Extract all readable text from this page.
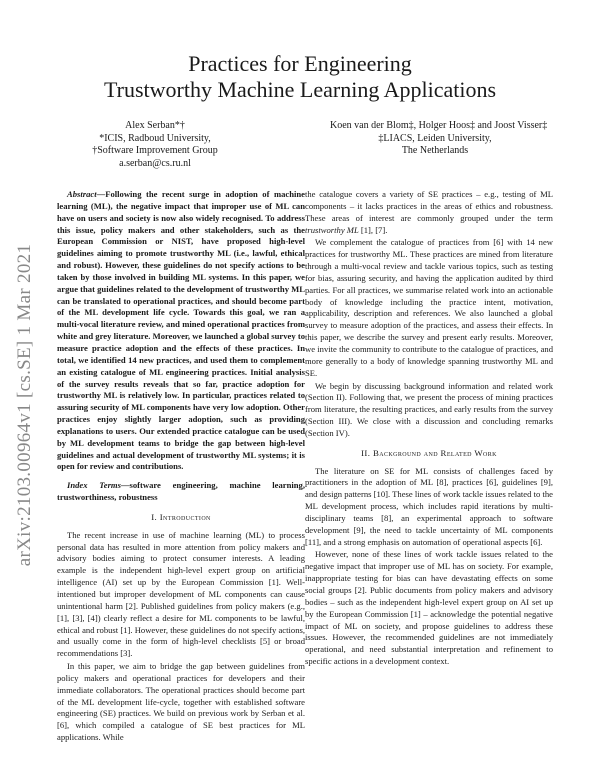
arXiv:2103.00964v1 [cs.SE] 1 Mar 2021
Practices for Engineering
Trustworthy Machine Learning Applications
Alex Serban*†
*ICIS, Radboud University,
†Software Improvement Group
a.serban@cs.ru.nl
Koen van der Blom‡, Holger Hoos‡ and Joost Visser‡
‡LIACS, Leiden University,
The Netherlands

Abstract—Following the recent surge in adoption of machine learning (ML), the negative impact that improper use of ML can have on users and society is now also widely recognised. To address this issue, policy makers and other stakeholders, such as the European Commission or NIST, have proposed high-level guidelines aiming to promote trustworthy ML (i.e., lawful, ethical and robust). However, these guidelines do not specify actions to be taken by those involved in building ML systems. In this paper, we argue that guidelines related to the development of trustworthy ML can be translated to operational practices, and should become part of the ML development life cycle. Towards this goal, we ran a multi-vocal literature review, and mined operational practices from white and grey literature. Moreover, we launched a global survey to measure practice adoption and the effects of these practices. In total, we identified 14 new practices, and used them to complement an existing catalogue of ML engineering practices. Initial analysis of the survey results reveals that so far, practice adoption for trustworthy ML is relatively low. In particular, practices related to assuring security of ML components have very low adoption. Other practices enjoy slightly larger adoption, such as providing explanations to users. Our extended practice catalogue can be used by ML development teams to bridge the gap between high-level guidelines and actual development of trustworthy ML systems; it is open for review and contributions.

Index Terms—software engineering, machine learning, trustworthiness, robustness

I. Introduction

The recent increase in use of machine learning (ML) to process personal data has resulted in more attention from policy makers and advisory bodies aiming to protect consumer interests. A leading example is the independent high-level expert group on artificial intelligence (AI) set up by the European Commission [1]. Well-intentioned but improper development of ML components can cause unintentional harm [2]. Published guidelines from policy makers (e.g., [1], [3], [4]) clearly reflect a desire for ML components to be lawful, ethical and robust [1]. However, these guidelines do not specify actions, and usually come in the form of high-level checklists [5] or broad recommendations [3].

In this paper, we aim to bridge the gap between guidelines from policy makers and operational practices for developers and their immediate collaborators. The operational practices should become part of the ML development life-cycle, together with established software engineering (SE) practices. We build on previous work by Serban et al. [6], which compiled a catalogue of SE best practices for ML applications. While

the catalogue covers a variety of SE practices – e.g., testing of ML components – it lacks practices in the areas of ethics and robustness. These areas of interest are commonly grouped under the term trustworthy ML [1], [7].

We complement the catalogue of practices from [6] with 14 new practices for trustworthy ML. These practices are mined from literature through a multi-vocal review and tackle various topics, such as testing for bias, assuring security, and having the application audited by third parties. For all practices, we summarise related work into an actionable body of knowledge including the practice intent, motivation, applicability, description and references. We also launched a global survey to measure adoption of the practices, and assess their effects. In this paper, we describe the survey and present early results. Moreover, we invite the community to contribute to the catalogue of practices, and more generally to a body of knowledge spanning trustworthy ML and SE.

We begin by discussing background information and related work (Section II). Following that, we present the process of mining practices from literature, the resulting practices, and early results from the survey (Section III). We close with a discussion and concluding remarks (Section IV).

II. Background and Related Work

The literature on SE for ML consists of challenges faced by practitioners in the adoption of ML [8], practices [6], guidelines [9], and design patterns [10]. These lines of work tackle issues related to the ML development process, which includes rapid iterations by multi-disciplinary teams [8], an experimental approach to software development [9], the need to tackle uncertainty of ML components [11], and a strong emphasis on automation of operational aspects [6].

However, none of these lines of work tackle issues related to the negative impact that improper use of ML has on society. For example, inappropriate testing for bias can have devastating effects on some social groups [2]. Public documents from policy makers and advisory bodies – such as the independent high-level expert group on AI set up by the European Commission [1] – acknowledge the potential negative impact of ML on society, and propose guidelines to address these issues. However, the recommended guidelines are not immediately operational, and need substantial interpretation and refinement to specific actions in a development context.
